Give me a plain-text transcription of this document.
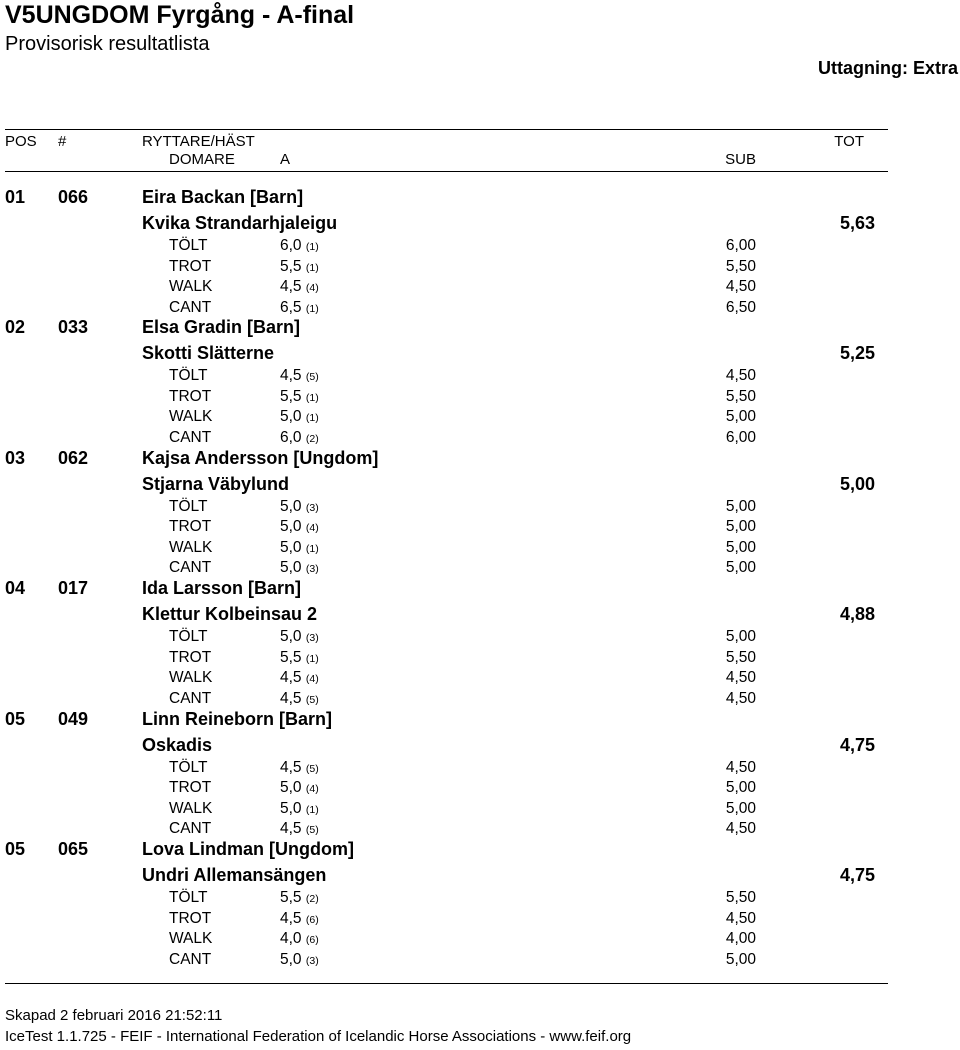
V5UNGDOM Fyrgång - A-final
Provisorisk resultatlista
Uttagning: Extra
POS #	RYTTARE/HÄST	TOT
DOMARE	A	SUB
01 066	Eira Backan [Barn]
Kvika Strandarhjaleigu	5,63
TÖLT	6,0 (1)	6,00
TROT	5,5 (1)	5,50
WALK	4,5 (4)	4,50
CANT	6,5 (1)	6,50
02 033	Elsa Gradin [Barn]
Skotti Slätterne	5,25
TÖLT	4,5 (5)	4,50
TROT	5,5 (1)	5,50
WALK	5,0 (1)	5,00
CANT	6,0 (2)	6,00
03 062	Kajsa Andersson [Ungdom]
Stjarna Väbylund	5,00
TÖLT	5,0 (3)	5,00
TROT	5,0 (4)	5,00
WALK	5,0 (1)	5,00
CANT	5,0 (3)	5,00
04 017	Ida Larsson [Barn]
Klettur Kolbeinsau 2	4,88
TÖLT	5,0 (3)	5,00
TROT	5,5 (1)	5,50
WALK	4,5 (4)	4,50
CANT	4,5 (5)	4,50
05 049	Linn Reineborn [Barn]
Oskadis	4,75
TÖLT	4,5 (5)	4,50
TROT	5,0 (4)	5,00
WALK	5,0 (1)	5,00
CANT	4,5 (5)	4,50
05 065	Lova Lindman [Ungdom]
Undri Allemansängen	4,75
TÖLT	5,5 (2)	5,50
TROT	4,5 (6)	4,50
WALK	4,0 (6)	4,00
CANT	5,0 (3)	5,00
Skapad 2 februari 2016 21:52:11
IceTest 1.1.725 - FEIF - International Federation of Icelandic Horse Associations - www.feif.org
